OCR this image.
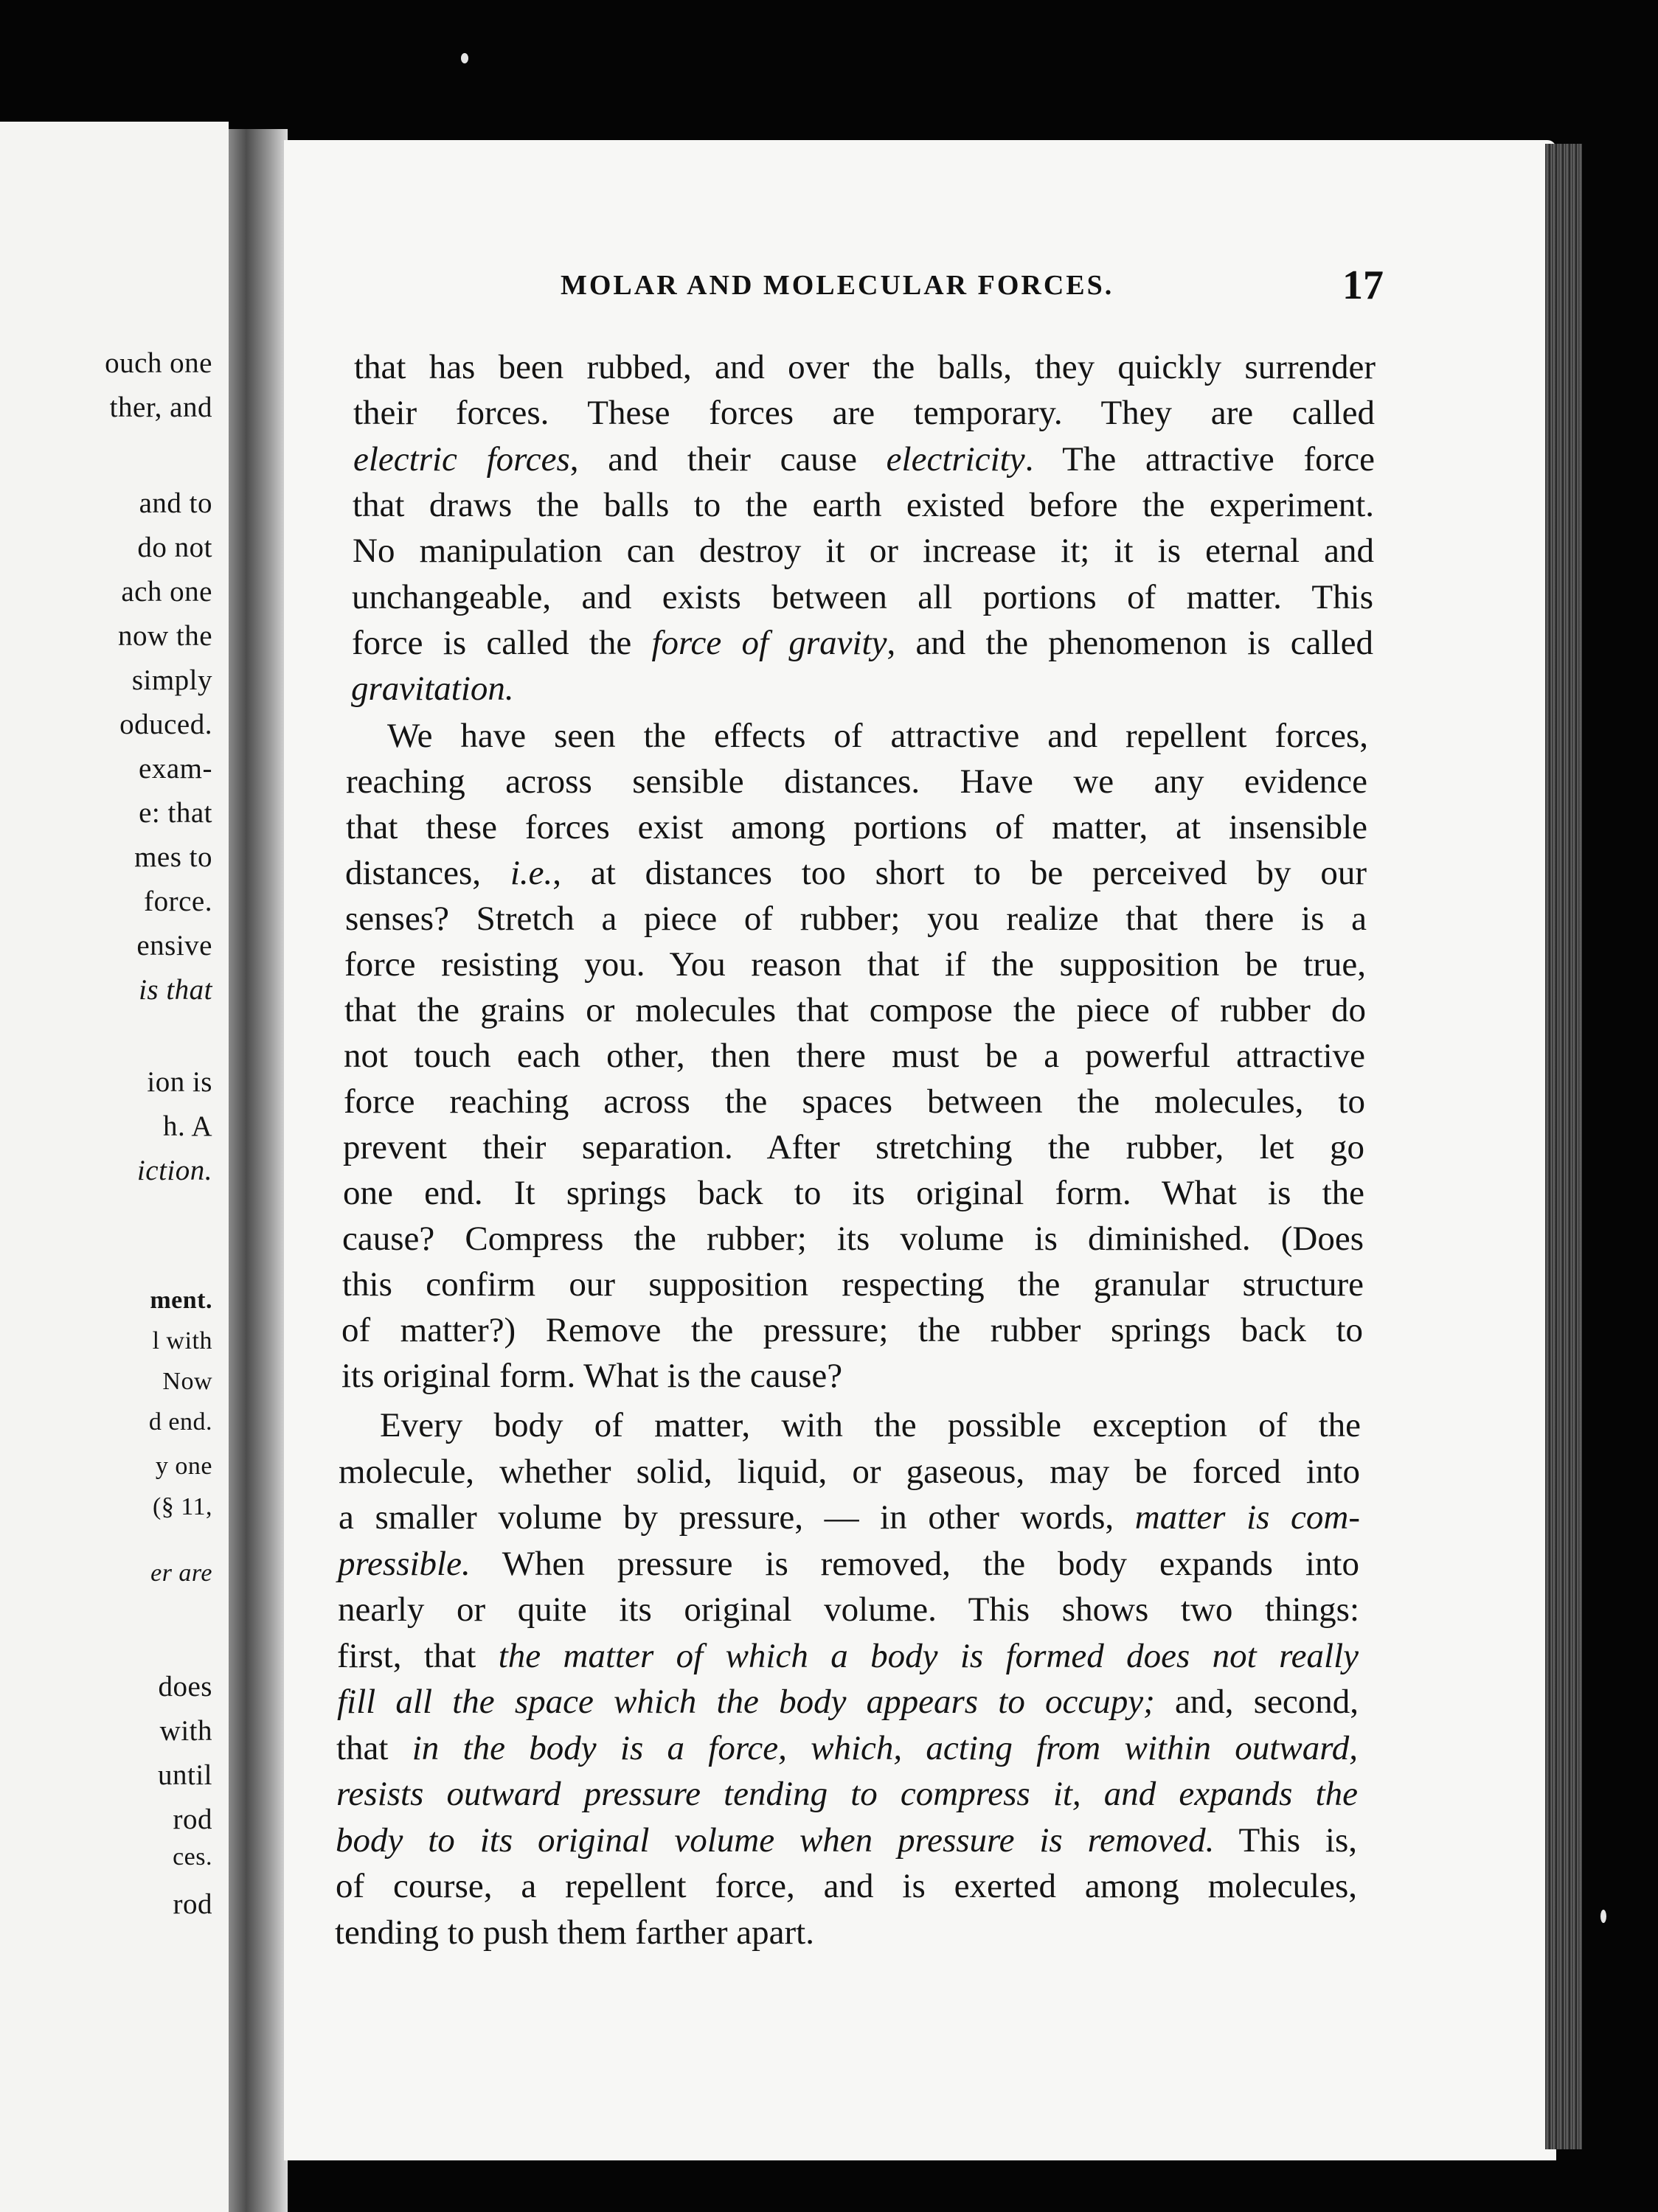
ouch one
ther, and
and to
do not
ach one
now the
simply
oduced.
exam-
e: that
mes to
force.
ensive
is that
ion is
h. A
iction.
ment.
l with
Now
d end.
y one
(§ 11,
er are
does
with
until
rod
ces.
rod
MOLAR AND MOLECULAR FORCES.	17
that has been rubbed, and over the balls, they quickly surrender
their forces. These forces are temporary. They are called
electric forces, and their cause electricity. The attractive force
that draws the balls to the earth existed before the experiment.
No manipulation can destroy it or increase it; it is eternal and
unchangeable, and exists between all portions of matter. This
force is called the force of gravity, and the phenomenon is called
gravitation.
We have seen the effects of attractive and repellent forces,
reaching across sensible distances. Have we any evidence
that these forces exist among portions of matter, at insensible
distances, i.e., at distances too short to be perceived by our
senses? Stretch a piece of rubber; you realize that there is a
force resisting you. You reason that if the supposition be true,
that the grains or molecules that compose the piece of rubber do
not touch each other, then there must be a powerful attractive
force reaching across the spaces between the molecules, to
prevent their separation. After stretching the rubber, let go
one end. It springs back to its original form. What is the
cause? Compress the rubber; its volume is diminished. (Does
this confirm our supposition respecting the granular structure
of matter?) Remove the pressure; the rubber springs back to
its original form. What is the cause?
Every body of matter, with the possible exception of the
molecule, whether solid, liquid, or gaseous, may be forced into
a smaller volume by pressure, — in other words, matter is com-
pressible. When pressure is removed, the body expands into
nearly or quite its original volume. This shows two things:
first, that the matter of which a body is formed does not really
fill all the space which the body appears to occupy; and, second,
that in the body is a force, which, acting from within outward,
resists outward pressure tending to compress it, and expands the
body to its original volume when pressure is removed. This is,
of course, a repellent force, and is exerted among molecules,
tending to push them farther apart.
